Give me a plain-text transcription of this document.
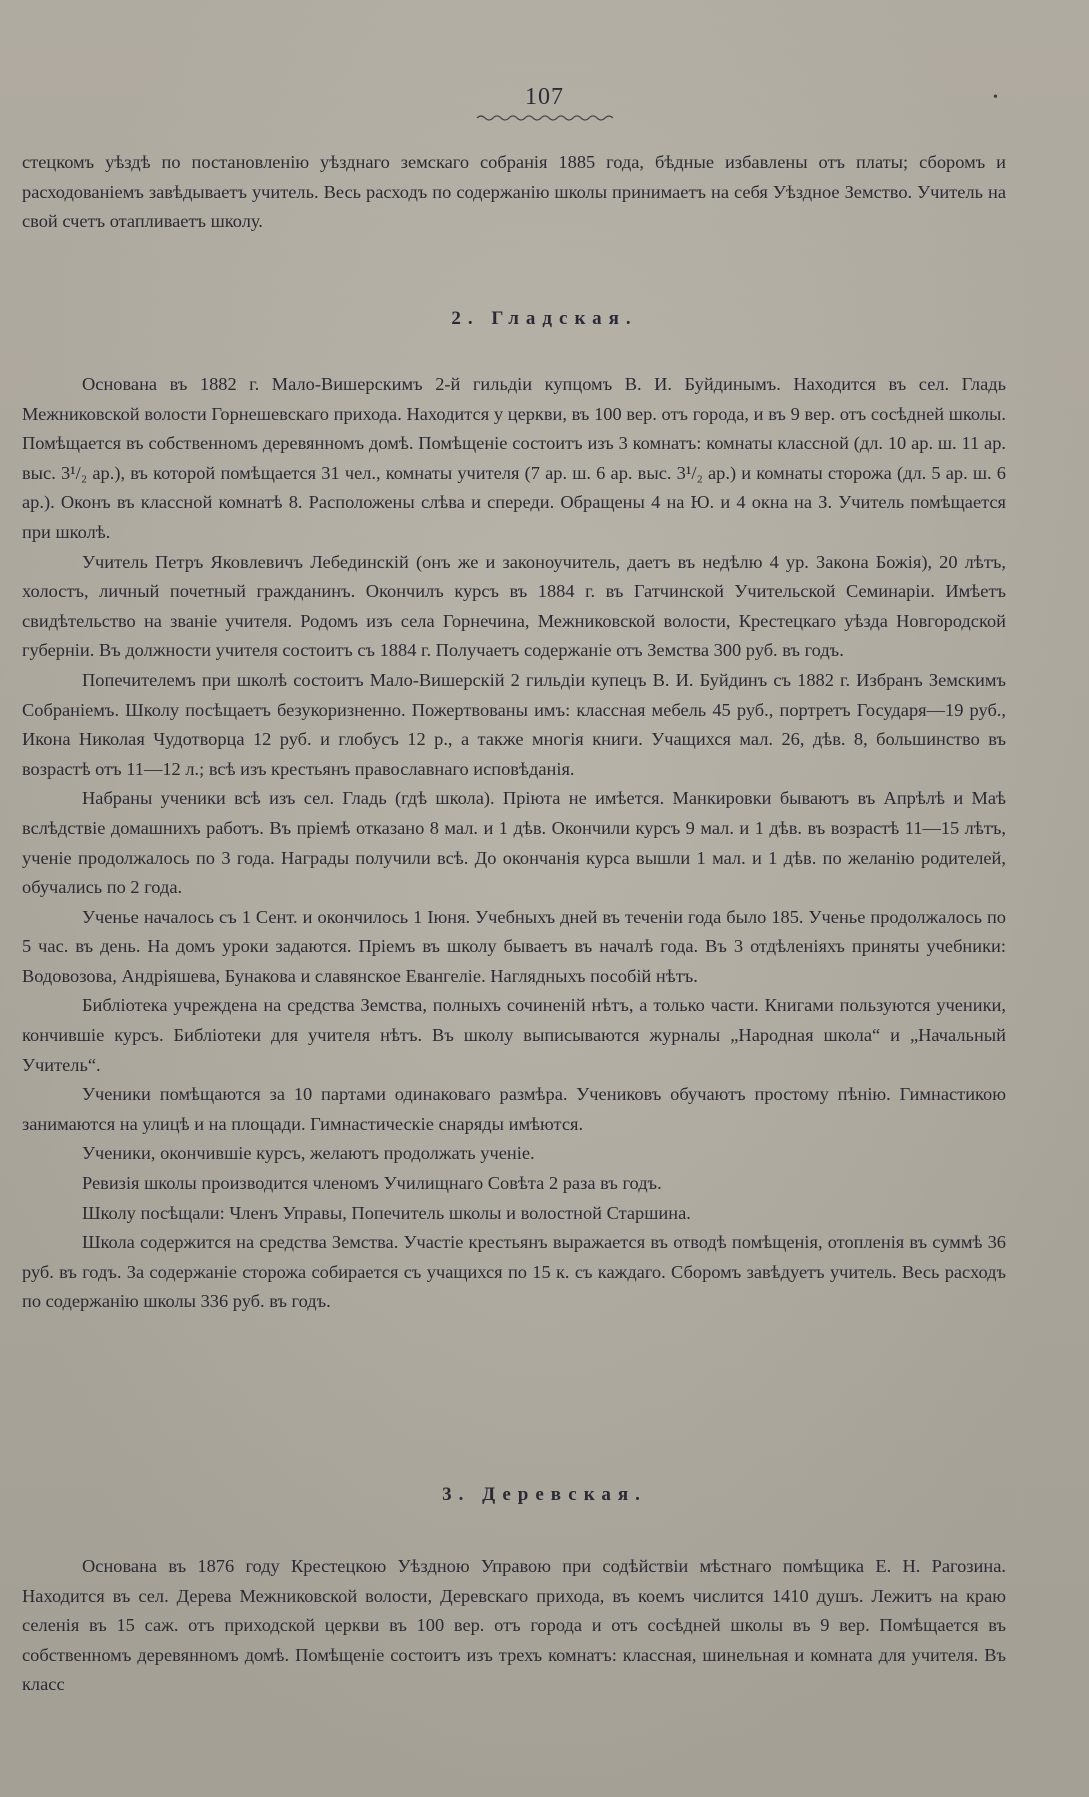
107	•

стецкомъ уѣздѣ по постановленію уѣзднаго земскаго собранія 1885 года, бѣдные избавлены отъ платы; сборомъ и расходованіемъ завѣдываетъ учитель. Весь расходъ по содержанію школы принимаетъ на себя Уѣздное Земство. Учитель на свой счетъ отапливаетъ школу.

2. Гладская.

Основана въ 1882 г. Мало-Вишерскимъ 2-й гильдіи купцомъ В. И. Буйдинымъ. Находится въ сел. Гладь Межниковской волости Горнешевскаго прихода. Находится у церкви, въ 100 вер. отъ города, и въ 9 вер. отъ сосѣдней школы. Помѣщается въ собственномъ деревянномъ домѣ. Помѣщеніе состоитъ изъ 3 комнатъ: комнаты классной (дл. 10 ар. ш. 11 ар. выс. 3¹/₂ ар.), въ которой помѣщается 31 чел., комнаты учителя (7 ар. ш. 6 ар. выс. 3¹/₂ ар.) и комнаты сторожа (дл. 5 ар. ш. 6 ар.). Оконъ въ классной комнатѣ 8. Расположены слѣва и спереди. Обращены 4 на Ю. и 4 окна на З. Учитель помѣщается при школѣ.

Учитель Петръ Яковлевичъ Лебединскій (онъ же и законоучитель, даетъ въ недѣлю 4 ур. Закона Божія), 20 лѣтъ, холостъ, личный почетный гражданинъ. Окончилъ курсъ въ 1884 г. въ Гатчинской Учительской Семинаріи. Имѣетъ свидѣтельство на званіе учителя. Родомъ изъ села Горнечина, Межниковской волости, Крестецкаго уѣзда Новгородской губерніи. Въ должности учителя состоитъ съ 1884 г. Получаетъ содержаніе отъ Земства 300 руб. въ годъ.

Попечителемъ при школѣ состоитъ Мало-Вишерскій 2 гильдіи купецъ В. И. Буйдинъ съ 1882 г. Избранъ Земскимъ Собраніемъ. Школу посѣщаетъ безукоризненно. Пожертвованы имъ: классная мебель 45 руб., портретъ Государя—19 руб., Икона Николая Чудотворца 12 руб. и глобусъ 12 р., а также многія книги. Учащихся мал. 26, дѣв. 8, большинство въ возрастѣ отъ 11—12 л.; всѣ изъ крестьянъ православнаго исповѣданія.

Набраны ученики всѣ изъ сел. Гладь (гдѣ школа). Пріюта не имѣется. Манкировки бываютъ въ Апрѣлѣ и Маѣ вслѣдствіе домашнихъ работъ. Въ пріемѣ отказано 8 мал. и 1 дѣв. Окончили курсъ 9 мал. и 1 дѣв. въ возрастѣ 11—15 лѣтъ, ученіе продолжалось по 3 года. Награды получили всѣ. До окончанія курса вышли 1 мал. и 1 дѣв. по желанію родителей, обучались по 2 года.

Ученье началось съ 1 Сент. и окончилось 1 Іюня. Учебныхъ дней въ теченіи года было 185. Ученье продолжалось по 5 час. въ день. На домъ уроки задаются. Пріемъ въ школу бываетъ въ началѣ года. Въ 3 отдѣленіяхъ приняты учебники: Водовозова, Андріяшева, Бунакова и славянское Евангеліе. Наглядныхъ пособій нѣтъ.

Библіотека учреждена на средства Земства, полныхъ сочиненій нѣтъ, а только части. Книгами пользуются ученики, кончившіе курсъ. Библіотеки для учителя нѣтъ. Въ школу выписываются журналы „Народная школа“ и „Начальный Учитель“.

Ученики помѣщаются за 10 партами одинаковаго размѣра. Учениковъ обучаютъ простому пѣнію. Гимнастикою занимаются на улицѣ и на площади. Гимнастическіе снаряды имѣются.

Ученики, окончившіе курсъ, желаютъ продолжать ученіе.

Ревизія школы производится членомъ Училищнаго Совѣта 2 раза въ годъ.

Школу посѣщали: Членъ Управы, Попечитель школы и волостной Старшина.

Школа содержится на средства Земства. Участіе крестьянъ выражается въ отводѣ помѣщенія, отопленія въ суммѣ 36 руб. въ годъ. За содержаніе сторожа собирается съ учащихся по 15 к. съ каждаго. Сборомъ завѣдуетъ учитель. Весь расходъ по содержанію школы 336 руб. въ годъ.

3. Деревская.

Основана въ 1876 году Крестецкою Уѣздною Управою при содѣйствіи мѣстнаго помѣщика Е. Н. Рагозина. Находится въ сел. Дерева Межниковской волости, Деревскаго прихода, въ коемъ числится 1410 душъ. Лежитъ на краю селенія въ 15 саж. отъ приходской церкви въ 100 вер. отъ города и отъ сосѣдней школы въ 9 вер. Помѣщается въ собственномъ деревянномъ домѣ. Помѣщеніе состоитъ изъ трехъ комнатъ: классная, шинельная и комната для учителя. Въ класс
